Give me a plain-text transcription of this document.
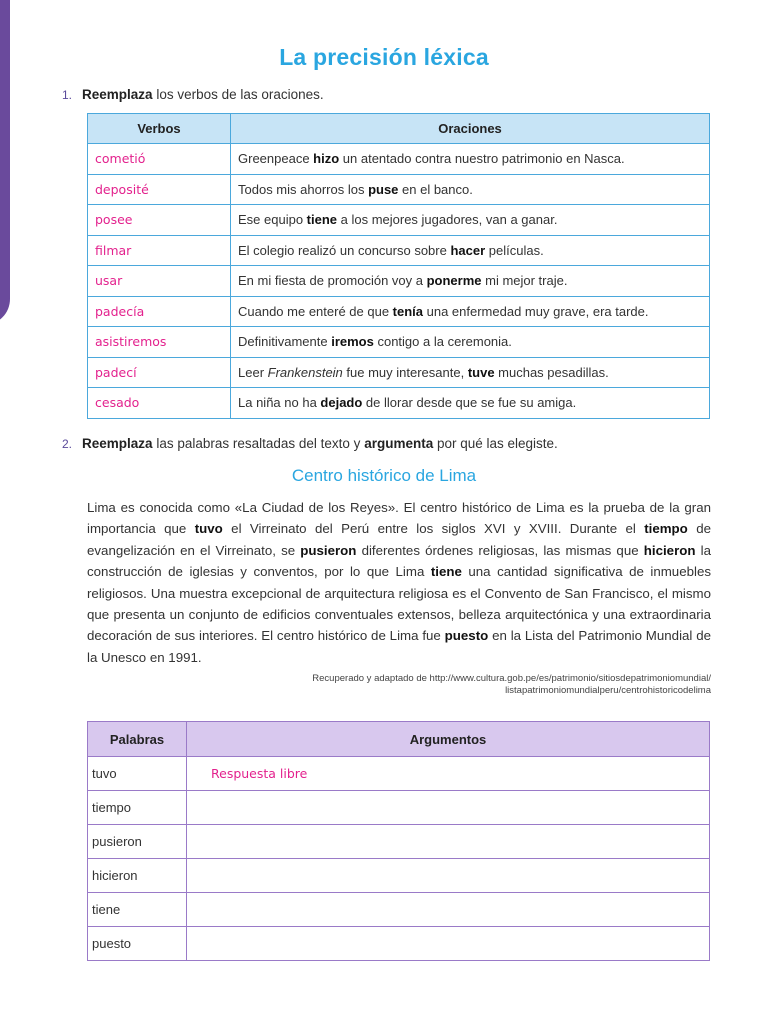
La precisión léxica
1. Reemplaza los verbos de las oraciones.
Verbos	Oraciones
cometió	Greenpeace hizo un atentado contra nuestro patrimonio en Nasca.
deposité	Todos mis ahorros los puse en el banco.
posee	Ese equipo tiene a los mejores jugadores, van a ganar.
filmar	El colegio realizó un concurso sobre hacer películas.
usar	En mi fiesta de promoción voy a ponerme mi mejor traje.
padecía	Cuando me enteré de que tenía una enfermedad muy grave, era tarde.
asistiremos	Definitivamente iremos contigo a la ceremonia.
padecí	Leer Frankenstein fue muy interesante, tuve muchas pesadillas.
cesado	La niña no ha dejado de llorar desde que se fue su amiga.
2. Reemplaza las palabras resaltadas del texto y argumenta por qué las elegiste.
Centro histórico de Lima
Lima es conocida como «La Ciudad de los Reyes». El centro histórico de Lima es la prueba de la gran importancia que tuvo el Virreinato del Perú entre los siglos XVI y XVIII. Durante el tiempo de evangelización en el Virreinato, se pusieron diferentes órdenes religiosas, las mismas que hicieron la construcción de iglesias y conventos, por lo que Lima tiene una cantidad significativa de inmuebles religiosos. Una muestra excepcional de arquitectura religiosa es el Convento de San Francisco, el mismo que presenta un conjunto de edificios conventuales extensos, belleza arquitectónica y una extraordinaria decoración de sus interiores. El centro histórico de Lima fue puesto en la Lista del Patrimonio Mundial de la Unesco en 1991.
Recuperado y adaptado de http://www.cultura.gob.pe/es/patrimonio/sitiosdepatrimoniomundial/
listapatrimoniomundialperu/centrohistoricodelima
Palabras	Argumentos
tuvo	Respuesta libre
tiempo	
pusieron	
hicieron	
tiene	
puesto	
